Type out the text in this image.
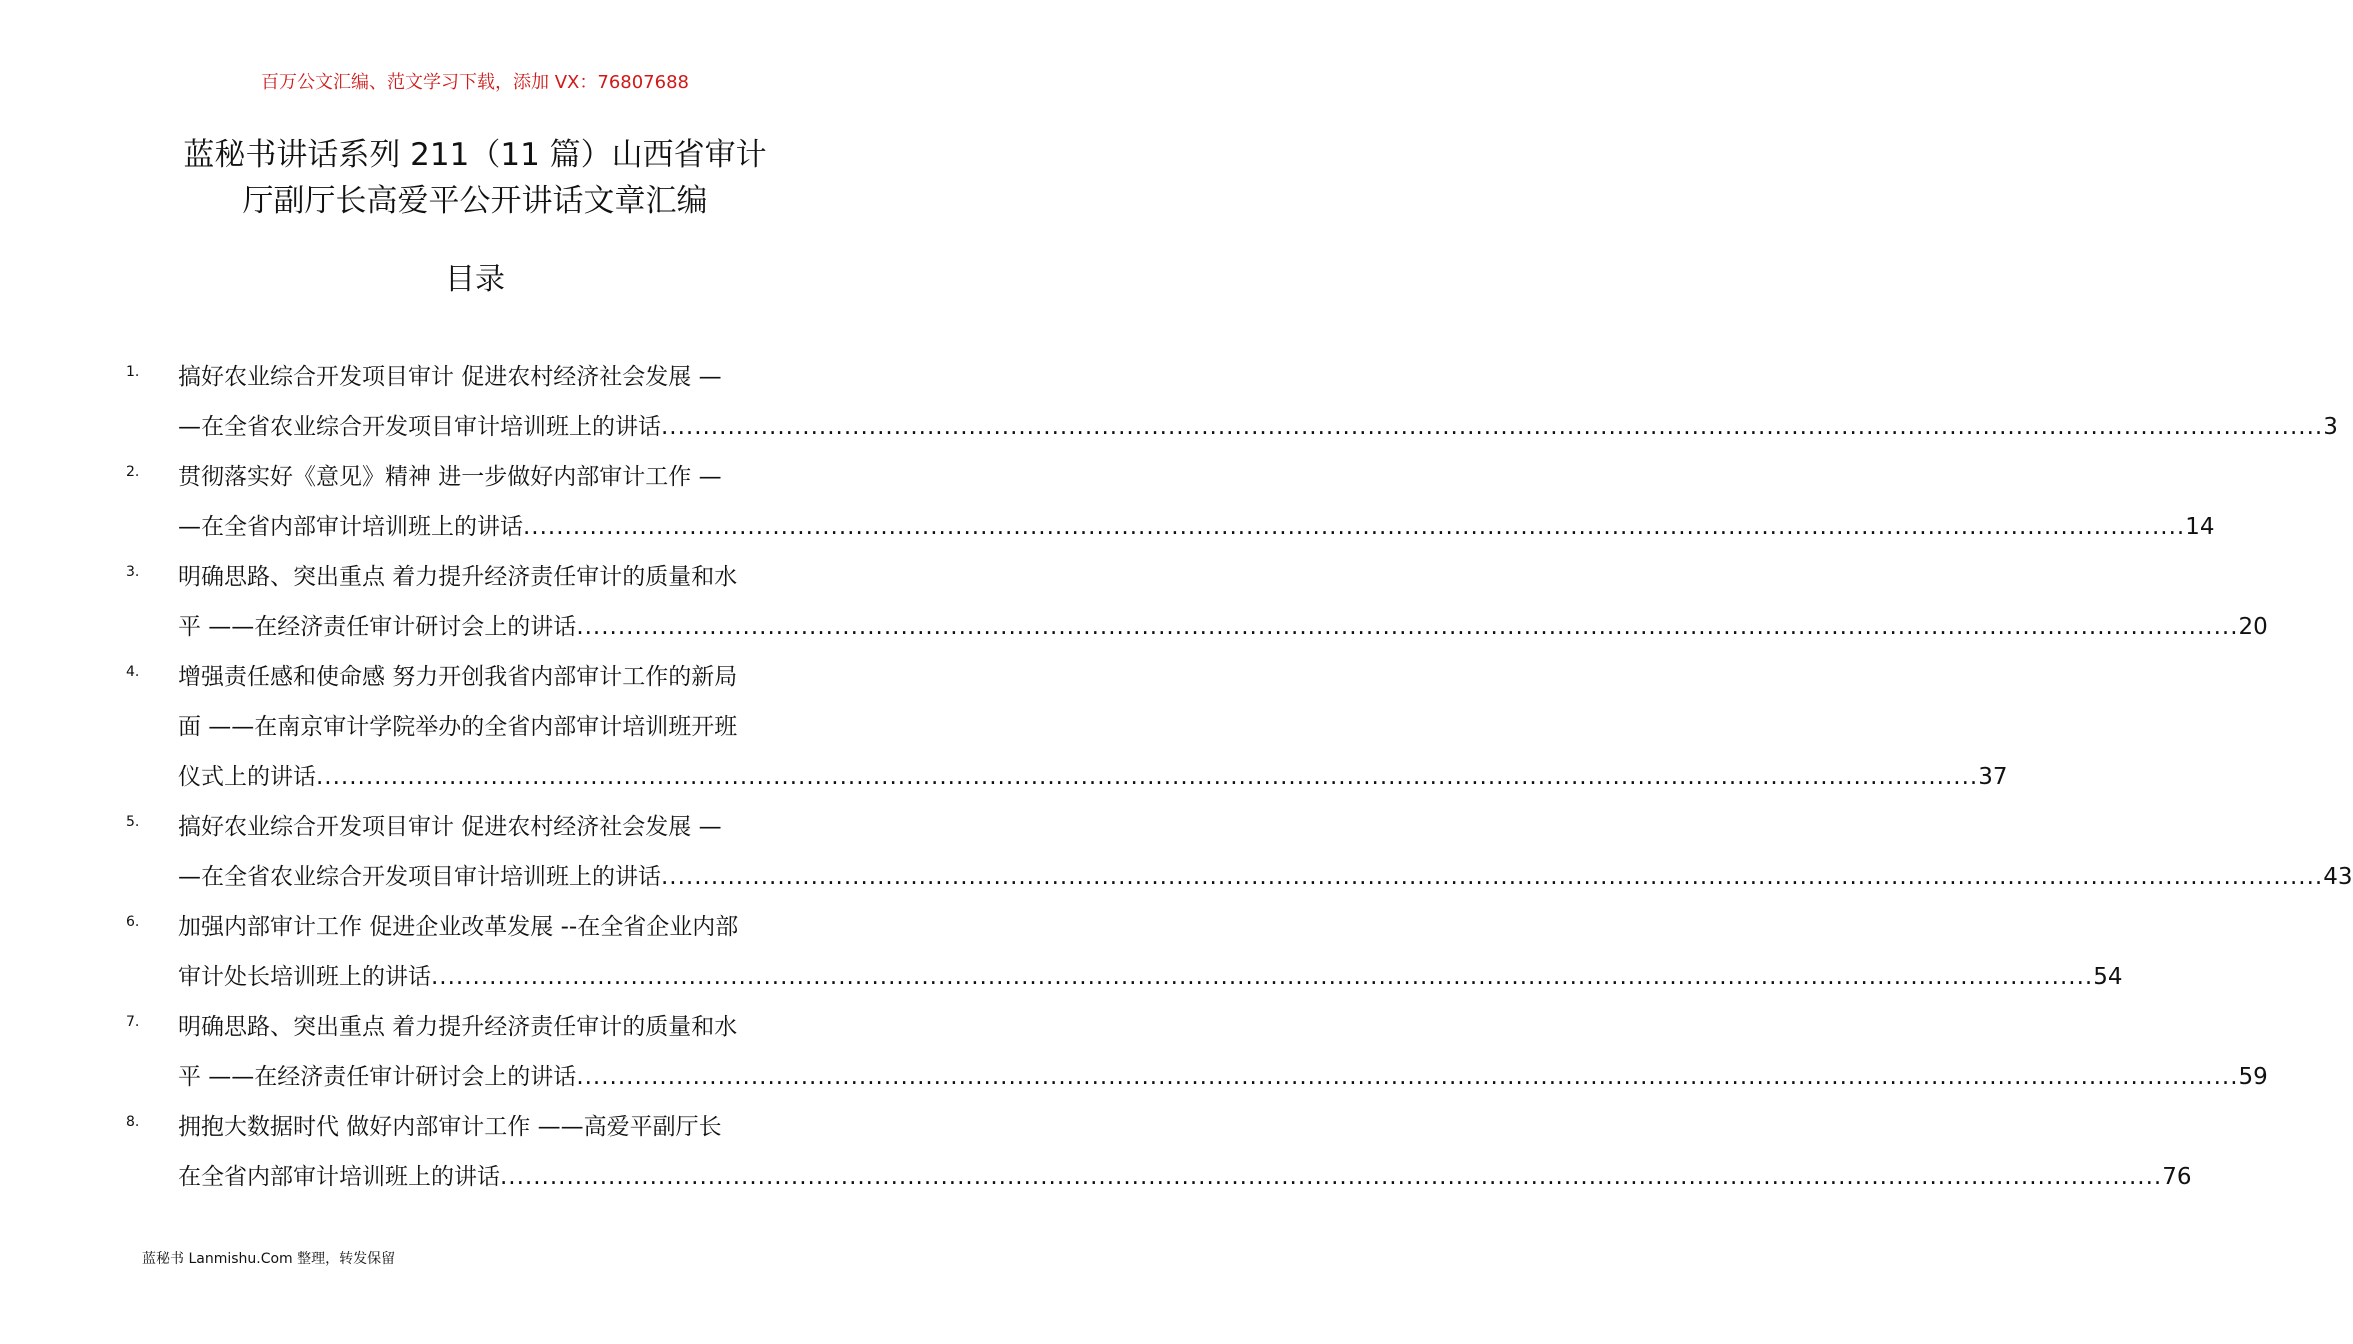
百万公文汇编、范文学习下载，添加 VX：76807688
蓝秘书讲话系列 211（11 篇）山西省审计
厅副厅长高爱平公开讲话文章汇编
目录
1. 搞好农业综合开发项目审计 促进农村经济社会发展 —
—在全省农业综合开发项目审计培训班上的讲话 ........................................................................................................................................................................................................ 3
2. 贯彻落实好《意见》精神 进一步做好内部审计工作 —
—在全省内部审计培训班上的讲话 ........................................................................................................................................................................................................ 14
3. 明确思路、突出重点 着力提升经济责任审计的质量和水
平 ——在经济责任审计研讨会上的讲话 ........................................................................................................................................................................................................ 20
4. 增强责任感和使命感 努力开创我省内部审计工作的新局
面 ——在南京审计学院举办的全省内部审计培训班开班
仪式上的讲话 ........................................................................................................................................................................................................ 37
5. 搞好农业综合开发项目审计 促进农村经济社会发展 —
—在全省农业综合开发项目审计培训班上的讲话 ........................................................................................................................................................................................................ 43
6. 加强内部审计工作 促进企业改革发展 --在全省企业内部
审计处长培训班上的讲话 ........................................................................................................................................................................................................ 54
7. 明确思路、突出重点 着力提升经济责任审计的质量和水
平 ——在经济责任审计研讨会上的讲话 ........................................................................................................................................................................................................ 59
8. 拥抱大数据时代 做好内部审计工作 ——高爱平副厅长
在全省内部审计培训班上的讲话 ........................................................................................................................................................................................................ 76
蓝秘书 Lanmishu.Com 整理，转发保留
